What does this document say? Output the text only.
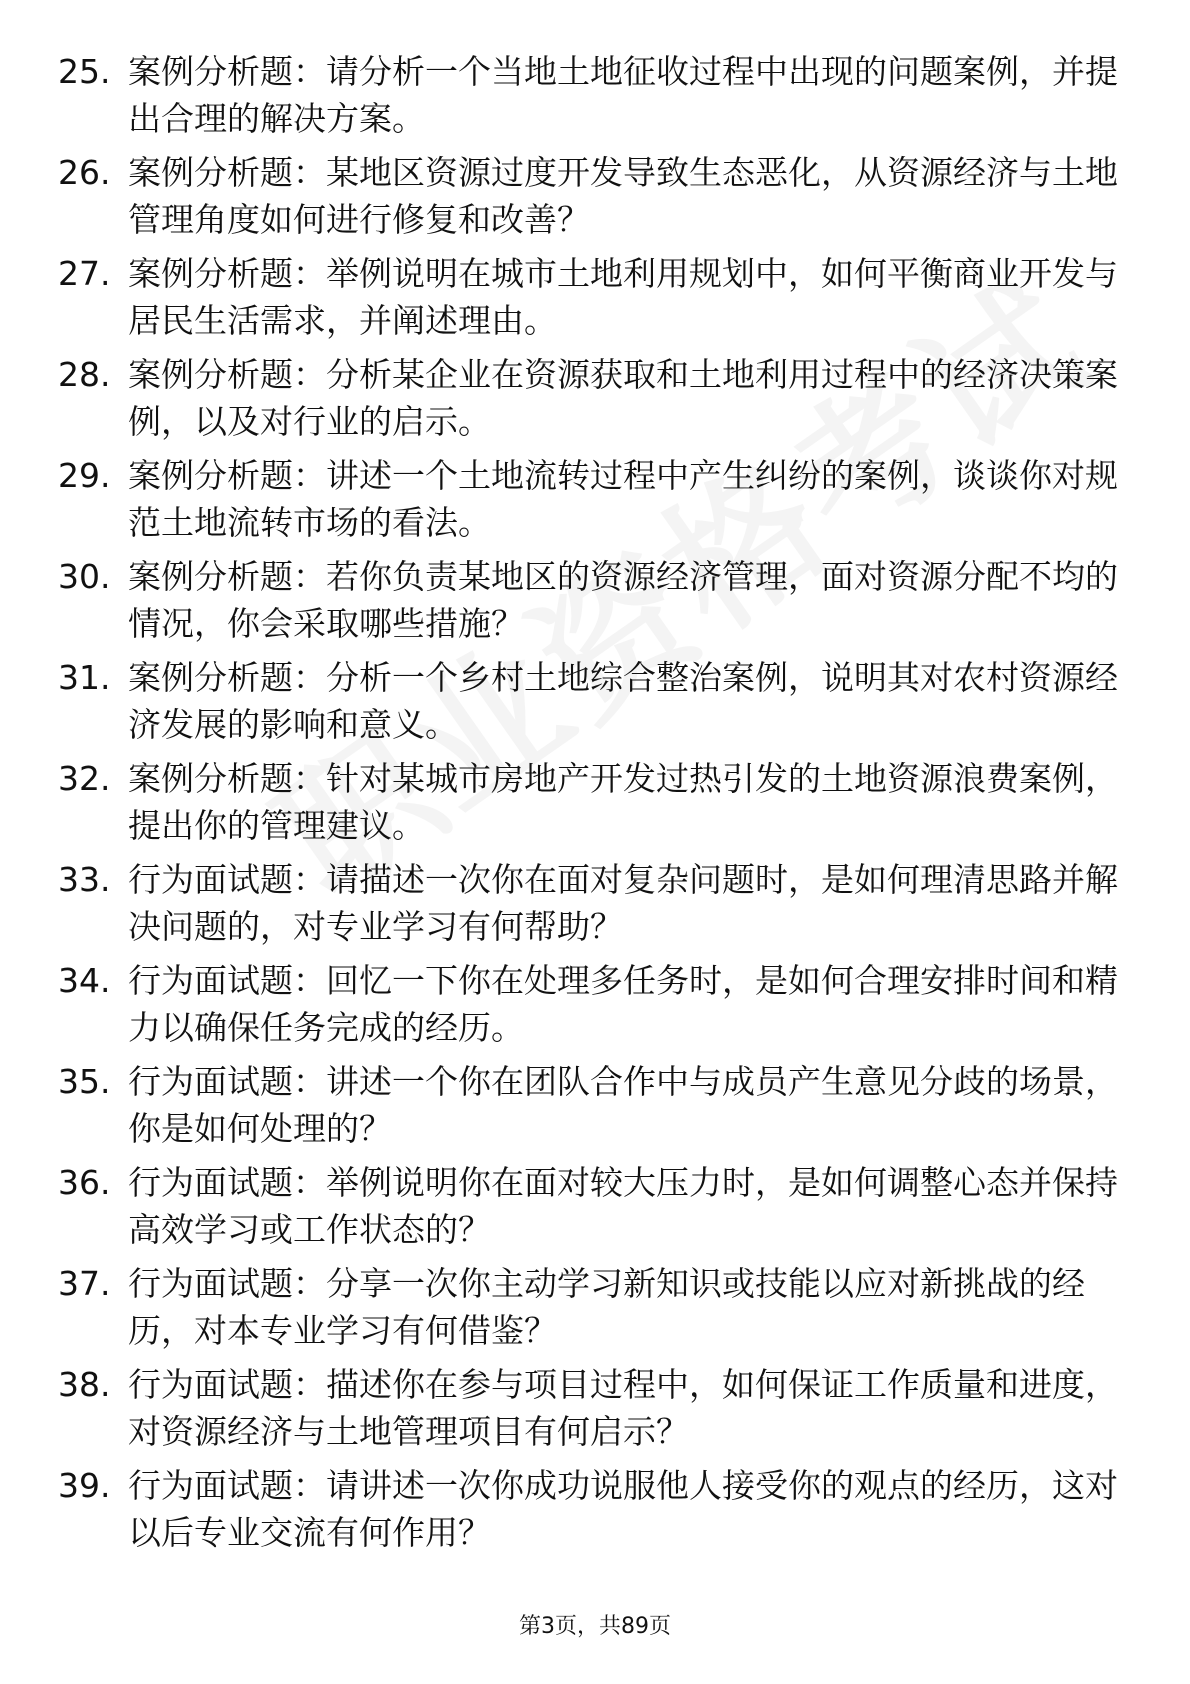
25. 案例分析题：请分析一个当地土地征收过程中出现的问题案例，并提出合理的解决方案。

26. 案例分析题：某地区资源过度开发导致生态恶化，从资源经济与土地管理角度如何进行修复和改善？

27. 案例分析题：举例说明在城市土地利用规划中，如何平衡商业开发与居民生活需求，并阐述理由。

28. 案例分析题：分析某企业在资源获取和土地利用过程中的经济决策案例，以及对行业的启示。

29. 案例分析题：讲述一个土地流转过程中产生纠纷的案例，谈谈你对规范土地流转市场的看法。

30. 案例分析题：若你负责某地区的资源经济管理，面对资源分配不均的情况，你会采取哪些措施？

31. 案例分析题：分析一个乡村土地综合整治案例，说明其对农村资源经济发展的影响和意义。

32. 案例分析题：针对某城市房地产开发过热引发的土地资源浪费案例，提出你的管理建议。

33. 行为面试题：请描述一次你在面对复杂问题时，是如何理清思路并解决问题的，对专业学习有何帮助？

34. 行为面试题：回忆一下你在处理多任务时，是如何合理安排时间和精力以确保任务完成的经历。

35. 行为面试题：讲述一个你在团队合作中与成员产生意见分歧的场景，你是如何处理的？

36. 行为面试题：举例说明你在面对较大压力时，是如何调整心态并保持高效学习或工作状态的？

37. 行为面试题：分享一次你主动学习新知识或技能以应对新挑战的经历，对本专业学习有何借鉴？

38. 行为面试题：描述你在参与项目过程中，如何保证工作质量和进度，对资源经济与土地管理项目有何启示？

39. 行为面试题：请讲述一次你成功说服他人接受你的观点的经历，这对以后专业交流有何作用？

第3页，共89页
